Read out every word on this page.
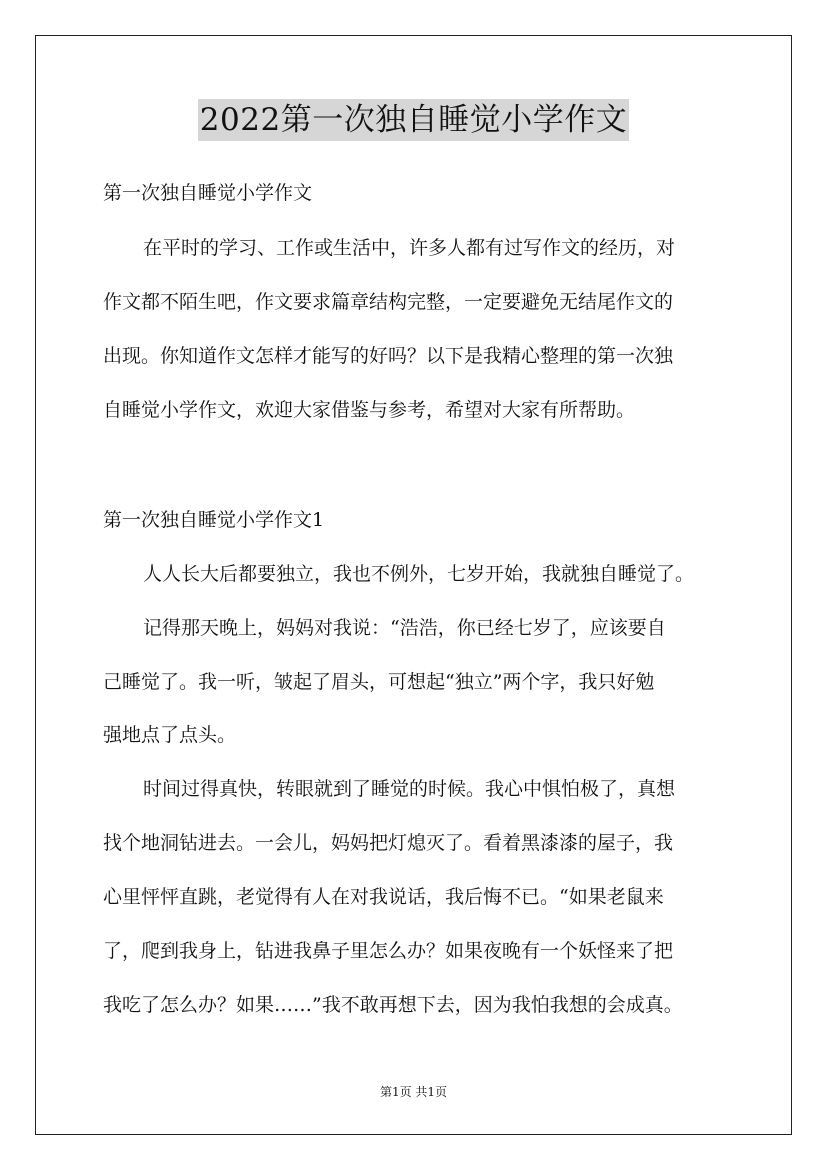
2022第一次独自睡觉小学作文
第一次独自睡觉小学作文
在平时的学习、工作或生活中，许多人都有过写作文的经历，对
作文都不陌生吧，作文要求篇章结构完整，一定要避免无结尾作文的
出现。你知道作文怎样才能写的好吗？以下是我精心整理的第一次独
自睡觉小学作文，欢迎大家借鉴与参考，希望对大家有所帮助。
第一次独自睡觉小学作文1
人人长大后都要独立，我也不例外，七岁开始，我就独自睡觉了。
记得那天晚上，妈妈对我说：“浩浩，你已经七岁了，应该要自
己睡觉了。我一听，皱起了眉头，可想起“独立”两个字，我只好勉
强地点了点头。
时间过得真快，转眼就到了睡觉的时候。我心中惧怕极了，真想
找个地洞钻进去。一会儿，妈妈把灯熄灭了。看着黑漆漆的屋子，我
心里怦怦直跳，老觉得有人在对我说话，我后悔不已。“如果老鼠来
了，爬到我身上，钻进我鼻子里怎么办？如果夜晚有一个妖怪来了把
我吃了怎么办？如果……”我不敢再想下去，因为我怕我想的会成真。
第1页 共1页
